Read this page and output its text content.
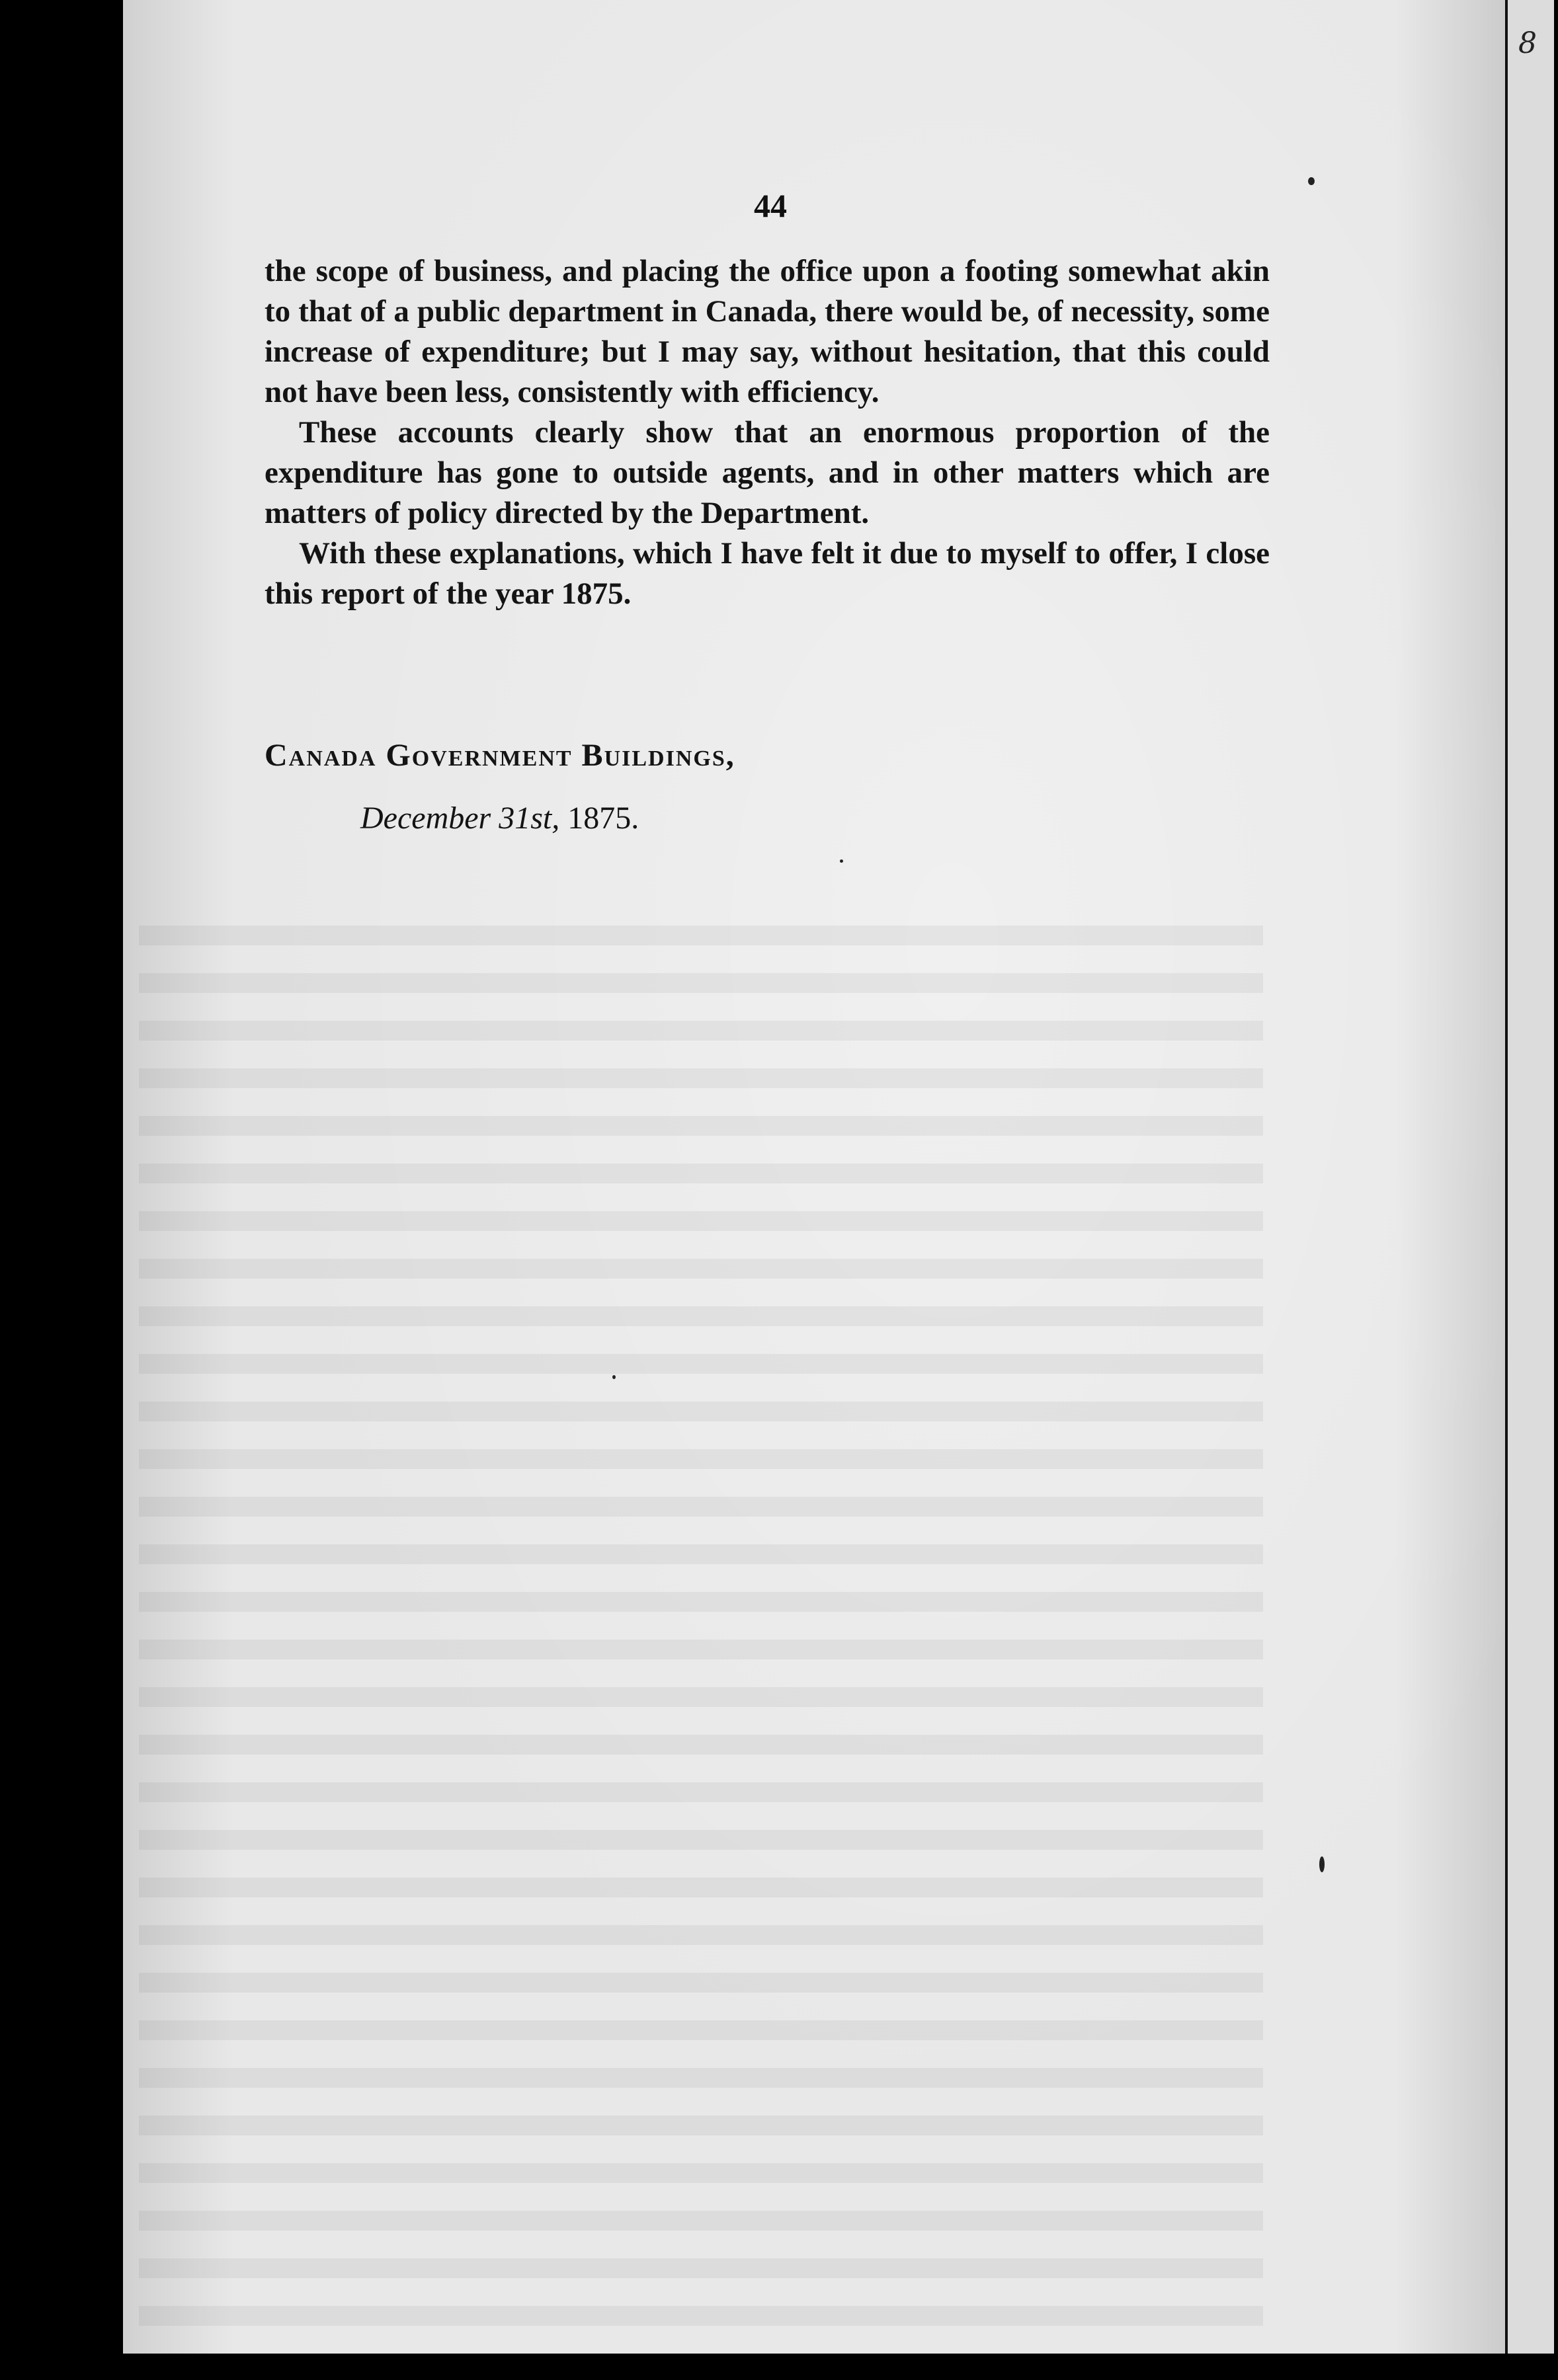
8
44

the scope of business, and placing the office upon a footing somewhat akin to that of a public department in Canada, there would be, of necessity, some increase of expenditure; but I may say, without hesitation, that this could not have been less, consistently with efficiency.

These accounts clearly show that an enormous proportion of the expenditure has gone to outside agents, and in other matters which are matters of policy directed by the Department.

With these explanations, which I have felt it due to myself to offer, I close this report of the year 1875.

Canada Government Buildings,
December 31st, 1875.
